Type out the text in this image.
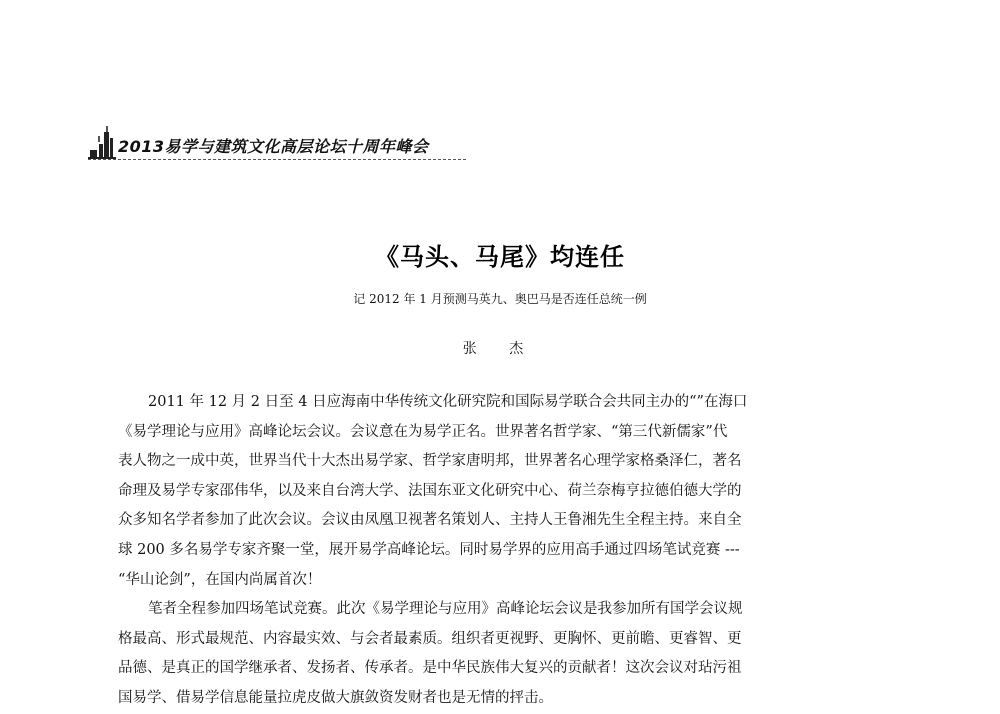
2013易学与建筑文化高层论坛十周年峰会
《马头、马尾》均连任
记 2012 年 1 月预测马英九、奥巴马是否连任总统一例
张 杰

2011 年 12 月 2 日至 4 日应海南中华传统文化研究院和国际易学联合会共同主办的“”在海口

《易学理论与应用》高峰论坛会议。会议意在为易学正名。世界著名哲学家、“第三代新儒家”代

表人物之一成中英，世界当代十大杰出易学家、哲学家唐明邦，世界著名心理学家格桑泽仁，著名

命理及易学专家邵伟华，以及来自台湾大学、法国东亚文化研究中心、荷兰奈梅亨拉德伯德大学的

众多知名学者参加了此次会议。会议由凤凰卫视著名策划人、主持人王鲁湘先生全程主持。来自全

球 200 多名易学专家齐聚一堂，展开易学高峰论坛。同时易学界的应用高手通过四场笔试竞赛 ---

“华山论剑”，在国内尚属首次！

笔者全程参加四场笔试竞赛。此次《易学理论与应用》高峰论坛会议是我参加所有国学会议规

格最高、形式最规范、内容最实效、与会者最素质。组织者更视野、更胸怀、更前瞻、更睿智、更

品德、是真正的国学继承者、发扬者、传承者。是中华民族伟大复兴的贡献者！这次会议对玷污祖

国易学、借易学信息能量拉虎皮做大旗敛资发财者也是无情的抨击。
